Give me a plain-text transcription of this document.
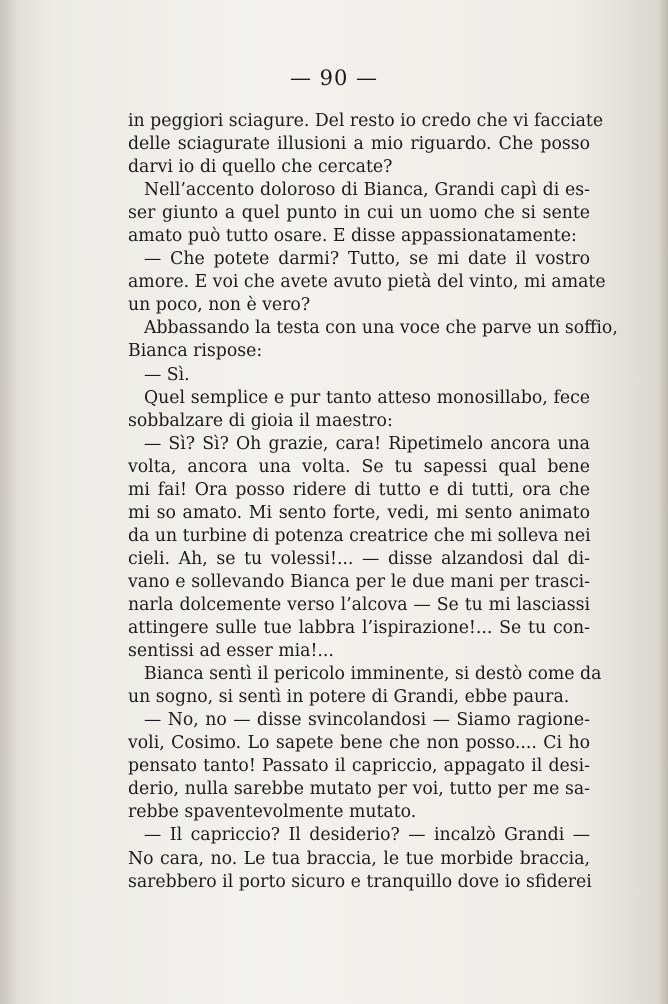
— 90 —
in peggiori sciagure. Del resto io credo che vi facciate
delle sciagurate illusioni a mio riguardo. Che posso
darvi io di quello che cercate?
Nell’accento doloroso di Bianca, Grandi capì di es-
ser giunto a quel punto in cui un uomo che si sente
amato può tutto osare. E disse appassionatamente:
— Che potete darmi? Tutto, se mi date il vostro
amore. E voi che avete avuto pietà del vinto, mi amate
un poco, non è vero?
Abbassando la testa con una voce che parve un soffio,
Bianca rispose:
— Sì.
Quel semplice e pur tanto atteso monosillabo, fece
sobbalzare di gioia il maestro:
— Sì? Sì? Oh grazie, cara! Ripetimelo ancora una
volta, ancora una volta. Se tu sapessi qual bene
mi fai! Ora posso ridere di tutto e di tutti, ora che
mi so amato. Mi sento forte, vedi, mi sento animato
da un turbine di potenza creatrice che mi solleva nei
cieli. Ah, se tu volessi!... — disse alzandosi dal di-
vano e sollevando Bianca per le due mani per trasci-
narla dolcemente verso l’alcova — Se tu mi lasciassi
attingere sulle tue labbra l’ispirazione!... Se tu con-
sentissi ad esser mia!...
Bianca sentì il pericolo imminente, si destò come da
un sogno, si sentì in potere di Grandi, ebbe paura.
— No, no — disse svincolandosi — Siamo ragione-
voli, Cosimo. Lo sapete bene che non posso.... Ci ho
pensato tanto! Passato il capriccio, appagato il desi-
derio, nulla sarebbe mutato per voi, tutto per me sa-
rebbe spaventevolmente mutato.
— Il capriccio? Il desiderio? — incalzò Grandi —
No cara, no. Le tua braccia, le tue morbide braccia,
sarebbero il porto sicuro e tranquillo dove io sfiderei
